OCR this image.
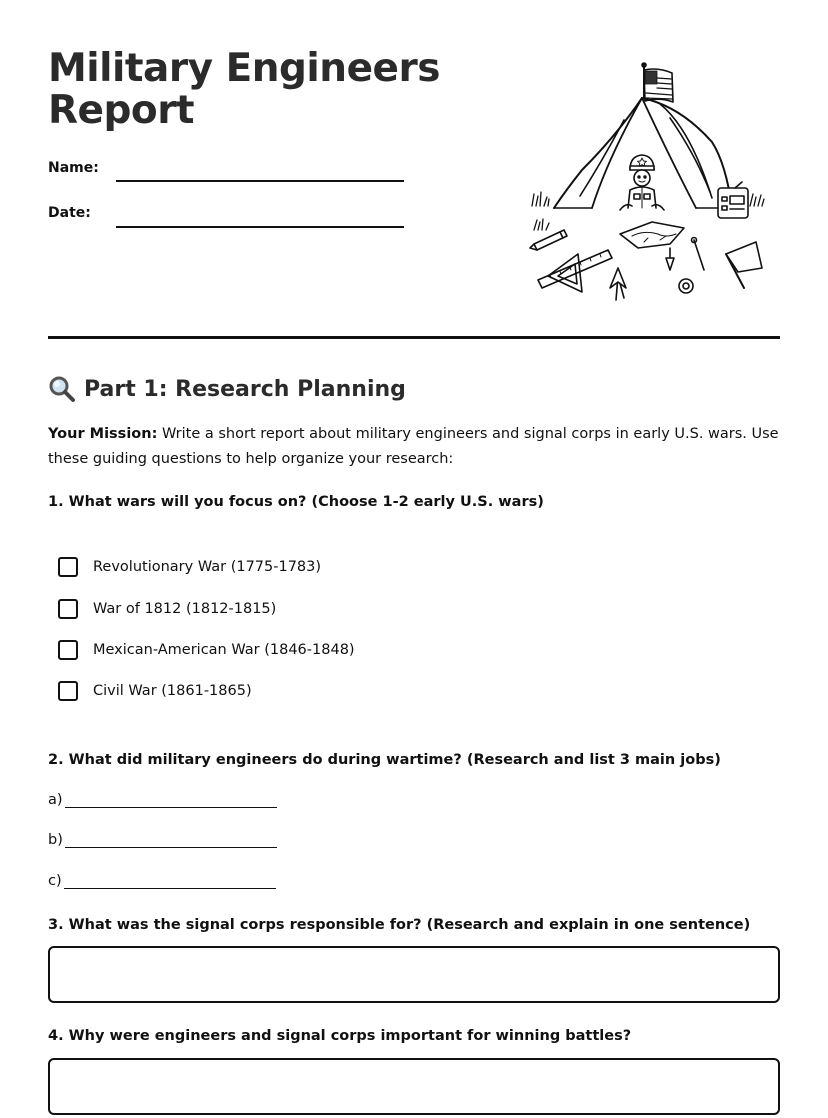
Military Engineers Report
Name:
Date:
Part 1: Research Planning
Your Mission: Write a short report about military engineers and signal corps in early U.S. wars. Use these guiding questions to help organize your research:
1. What wars will you focus on? (Choose 1-2 early U.S. wars)
Revolutionary War (1775-1783)
War of 1812 (1812-1815)
Mexican-American War (1846-1848)
Civil War (1861-1865)
2. What did military engineers do during wartime? (Research and list 3 main jobs)
a)
b)
c)
3. What was the signal corps responsible for? (Research and explain in one sentence)
4. Why were engineers and signal corps important for winning battles?
